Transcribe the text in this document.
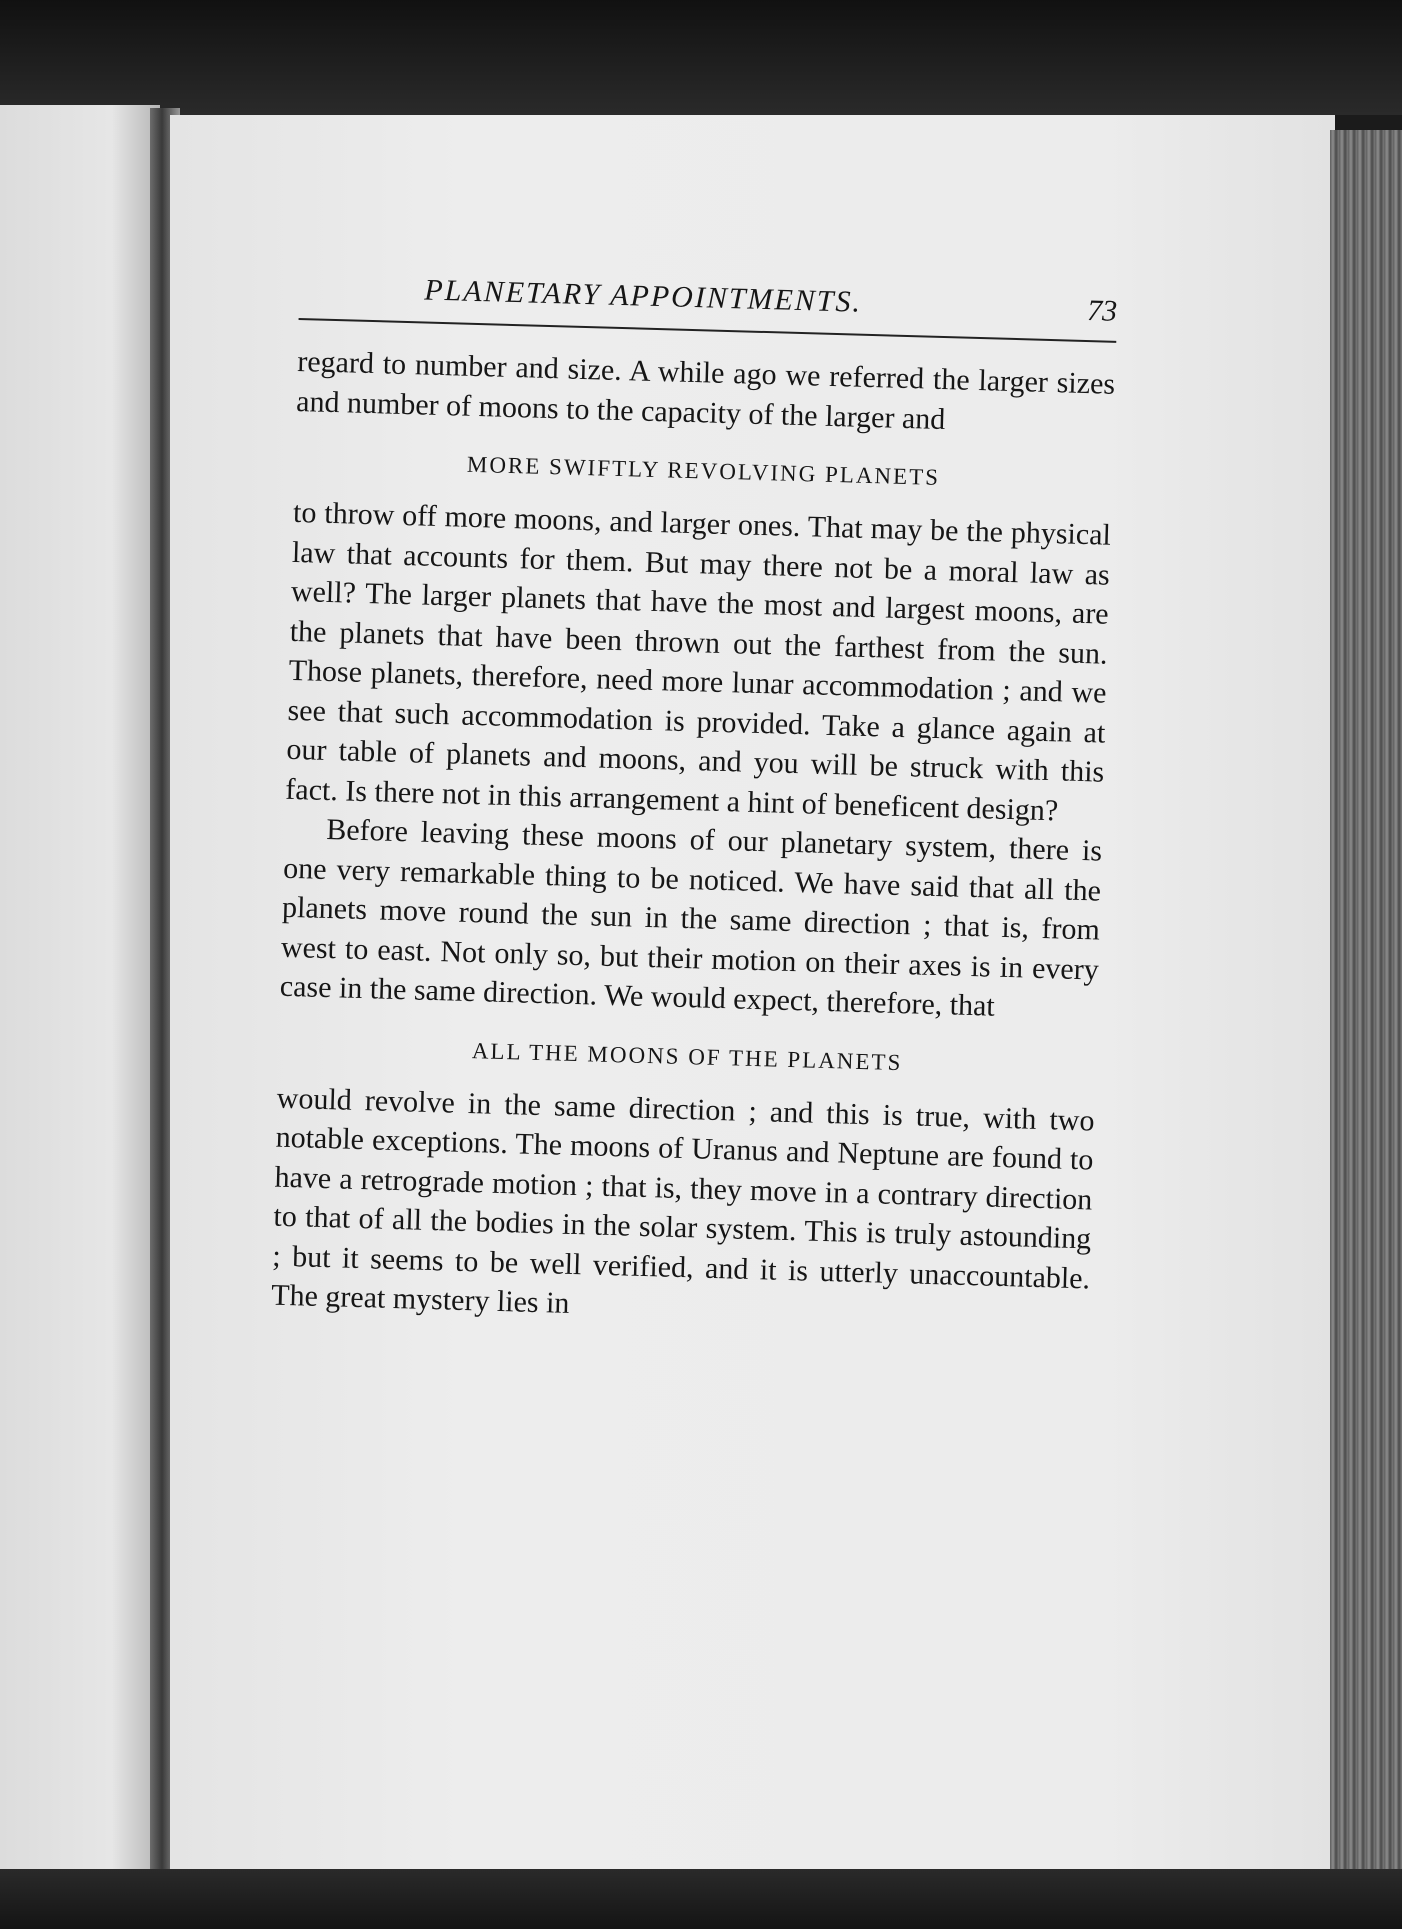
PLANETARY APPOINTMENTS.	73

regard to number and size. A while ago we referred the larger sizes and number of moons to the capacity of the larger and

MORE SWIFTLY REVOLVING PLANETS

to throw off more moons, and larger ones. That may be the physical law that accounts for them. But may there not be a moral law as well? The larger planets that have the most and largest moons, are the planets that have been thrown out the farthest from the sun. Those planets, therefore, need more lunar accommodation ; and we see that such accommodation is provided. Take a glance again at our table of planets and moons, and you will be struck with this fact. Is there not in this arrangement a hint of beneficent design?

Before leaving these moons of our planetary system, there is one very remarkable thing to be noticed. We have said that all the planets move round the sun in the same direction ; that is, from west to east. Not only so, but their motion on their axes is in every case in the same direction. We would expect, therefore, that

ALL THE MOONS OF THE PLANETS

would revolve in the same direction ; and this is true, with two notable exceptions. The moons of Uranus and Neptune are found to have a retrograde motion ; that is, they move in a contrary direction to that of all the bodies in the solar system. This is truly astounding ; but it seems to be well verified, and it is utterly unaccountable. The great mystery lies in
